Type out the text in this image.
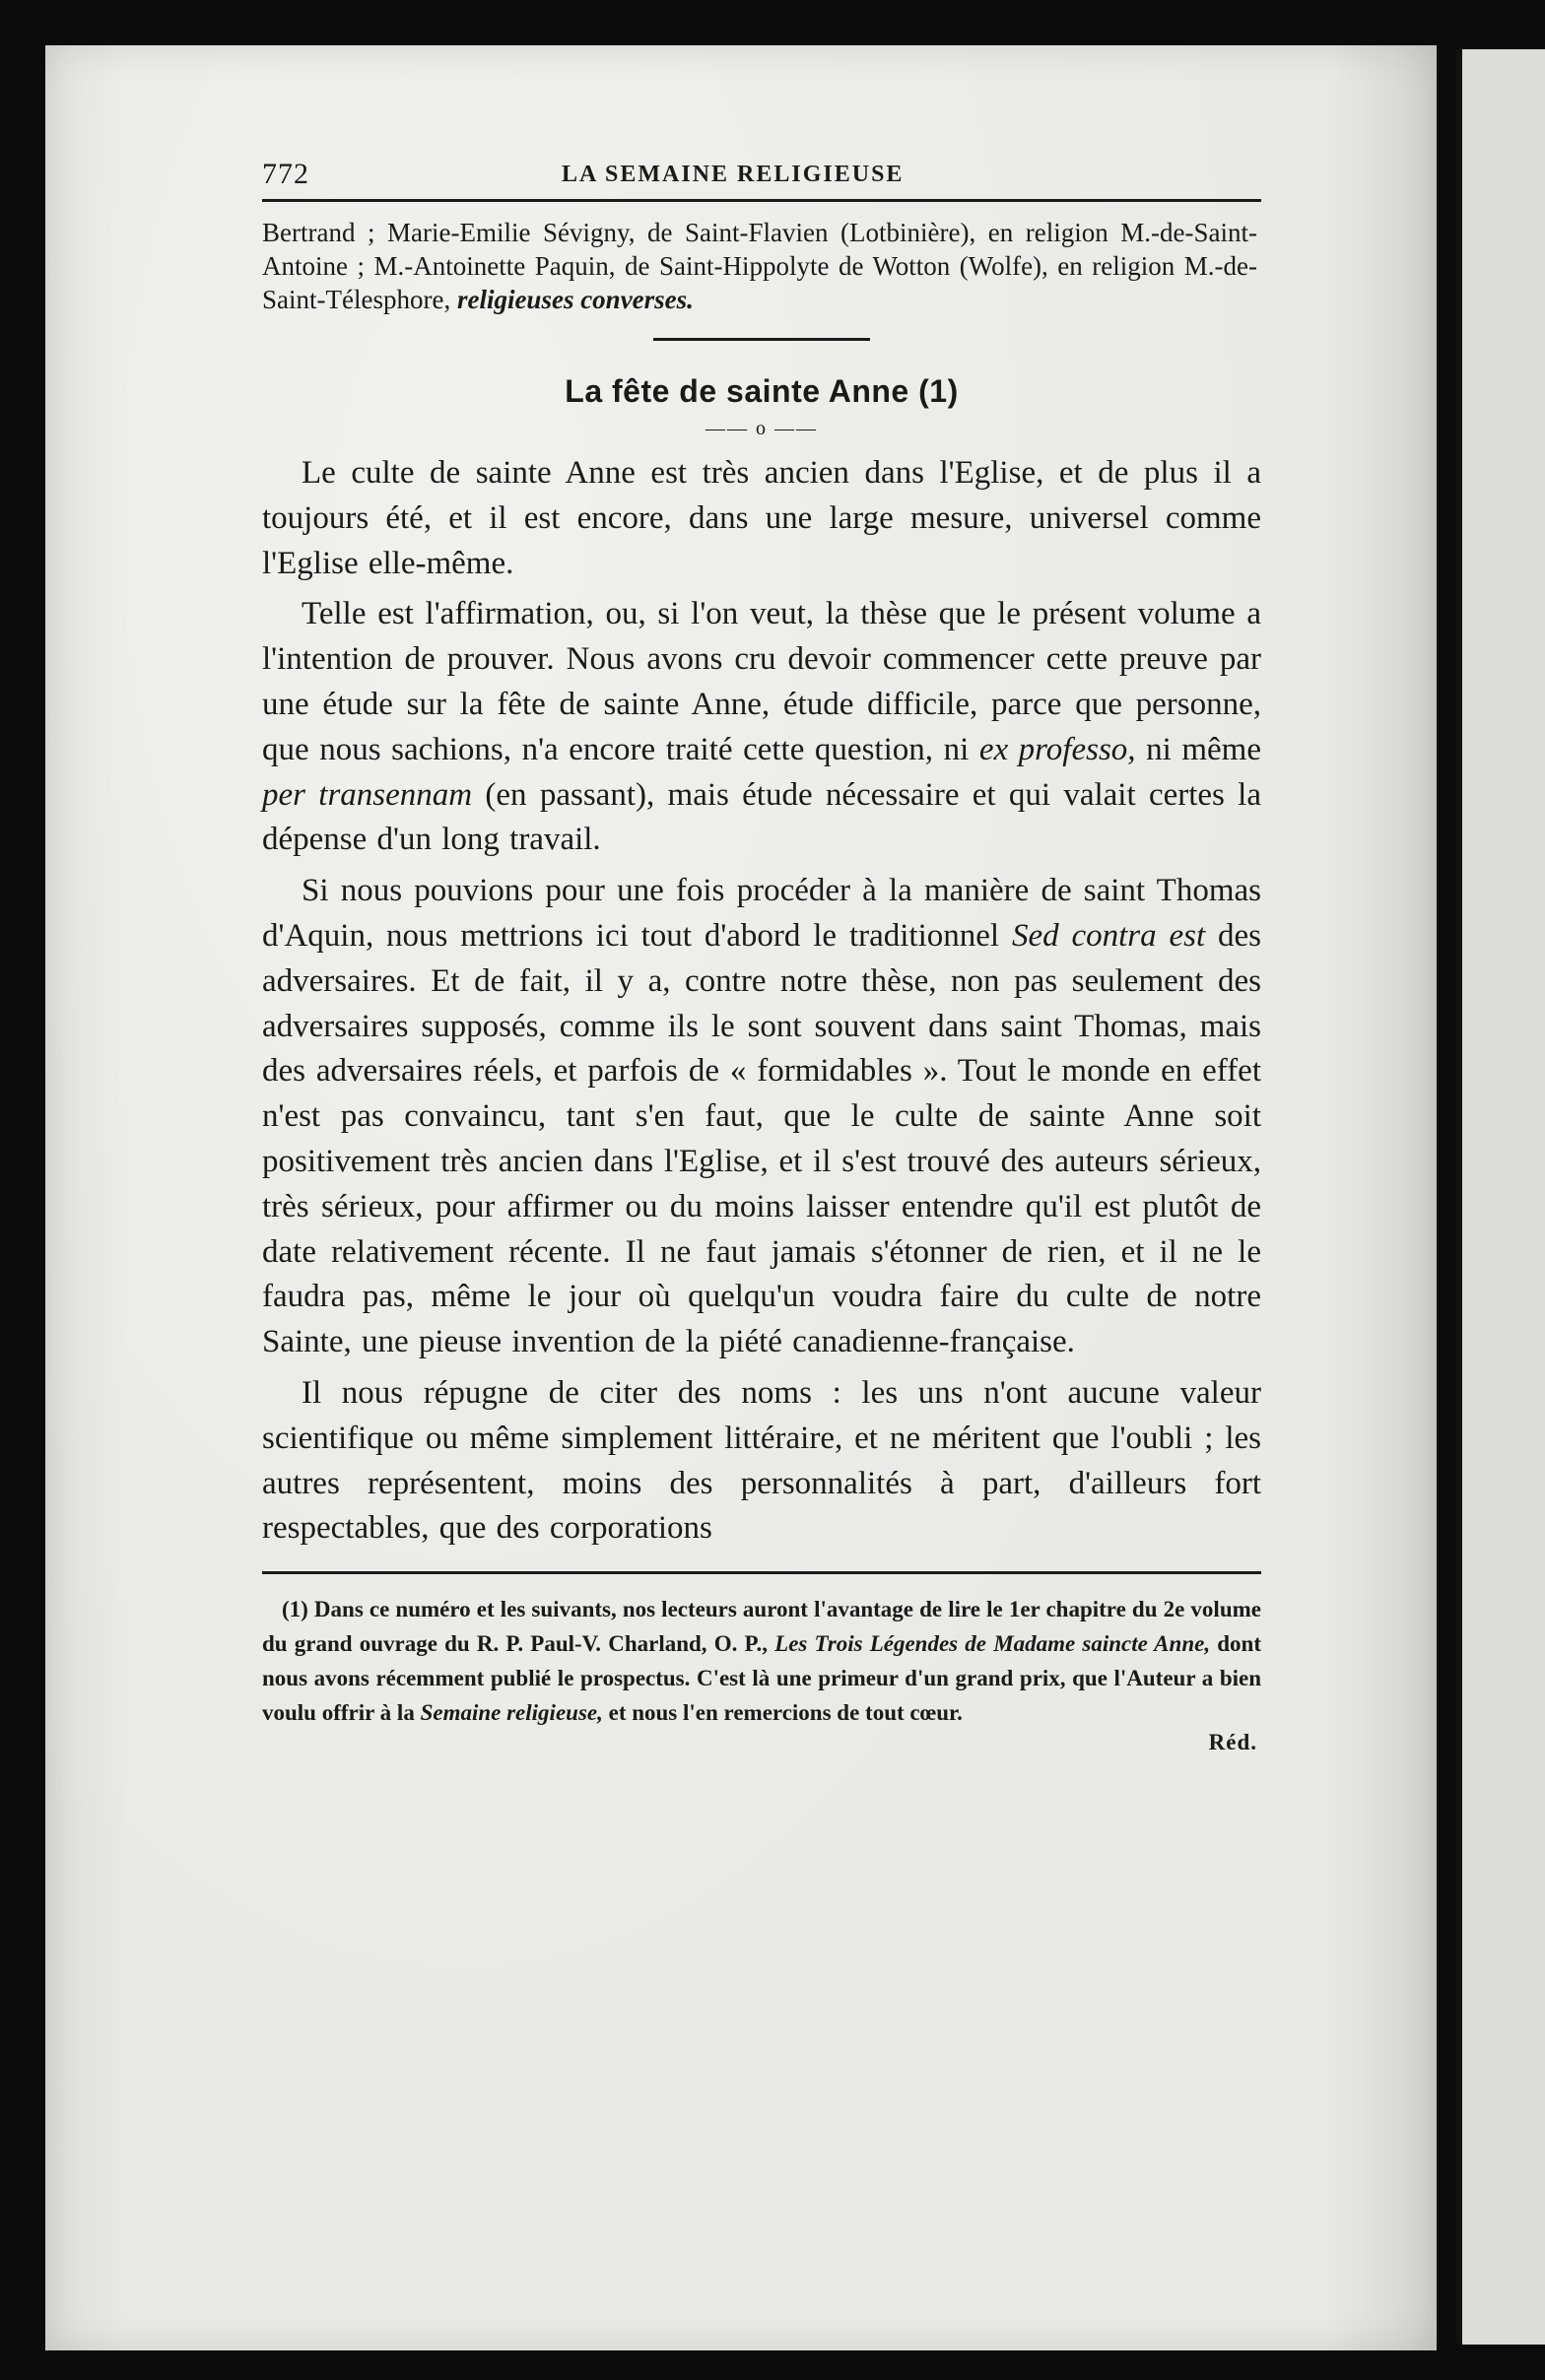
772	LA SEMAINE RELIGIEUSE
Bertrand ; Marie-Emilie Sévigny, de Saint-Flavien (Lotbinière), en religion M.-de-Saint-Antoine ; M.-Antoinette Paquin, de Saint-Hippolyte de Wotton (Wolfe), en religion M.-de-Saint-Télesphore, religieuses converses.
La fête de sainte Anne (1)
—— o ——

Le culte de sainte Anne est très ancien dans l'Eglise, et de plus il a toujours été, et il est encore, dans une large mesure, universel comme l'Eglise elle-même.

Telle est l'affirmation, ou, si l'on veut, la thèse que le présent volume a l'intention de prouver. Nous avons cru devoir commencer cette preuve par une étude sur la fête de sainte Anne, étude difficile, parce que personne, que nous sachions, n'a encore traité cette question, ni ex professo, ni même per transennam (en passant), mais étude nécessaire et qui valait certes la dépense d'un long travail.

Si nous pouvions pour une fois procéder à la manière de saint Thomas d'Aquin, nous mettrions ici tout d'abord le traditionnel Sed contra est des adversaires. Et de fait, il y a, contre notre thèse, non pas seulement des adversaires supposés, comme ils le sont souvent dans saint Thomas, mais des adversaires réels, et parfois de « formidables ». Tout le monde en effet n'est pas convaincu, tant s'en faut, que le culte de sainte Anne soit positivement très ancien dans l'Eglise, et il s'est trouvé des auteurs sérieux, très sérieux, pour affirmer ou du moins laisser entendre qu'il est plutôt de date relativement récente. Il ne faut jamais s'étonner de rien, et il ne le faudra pas, même le jour où quelqu'un voudra faire du culte de notre Sainte, une pieuse invention de la piété canadienne-française.

Il nous répugne de citer des noms : les uns n'ont aucune valeur scientifique ou même simplement littéraire, et ne méritent que l'oubli ; les autres représentent, moins des personnalités à part, d'ailleurs fort respectables, que des corporations

(1) Dans ce numéro et les suivants, nos lecteurs auront l'avantage de lire le 1er chapitre du 2e volume du grand ouvrage du R. P. Paul-V. Charland, O. P., Les Trois Légendes de Madame saincte Anne, dont nous avons récemment publié le prospectus. C'est là une primeur d'un grand prix, que l'Auteur a bien voulu offrir à la Semaine religieuse, et nous l'en remercions de tout cœur.

Réd.
